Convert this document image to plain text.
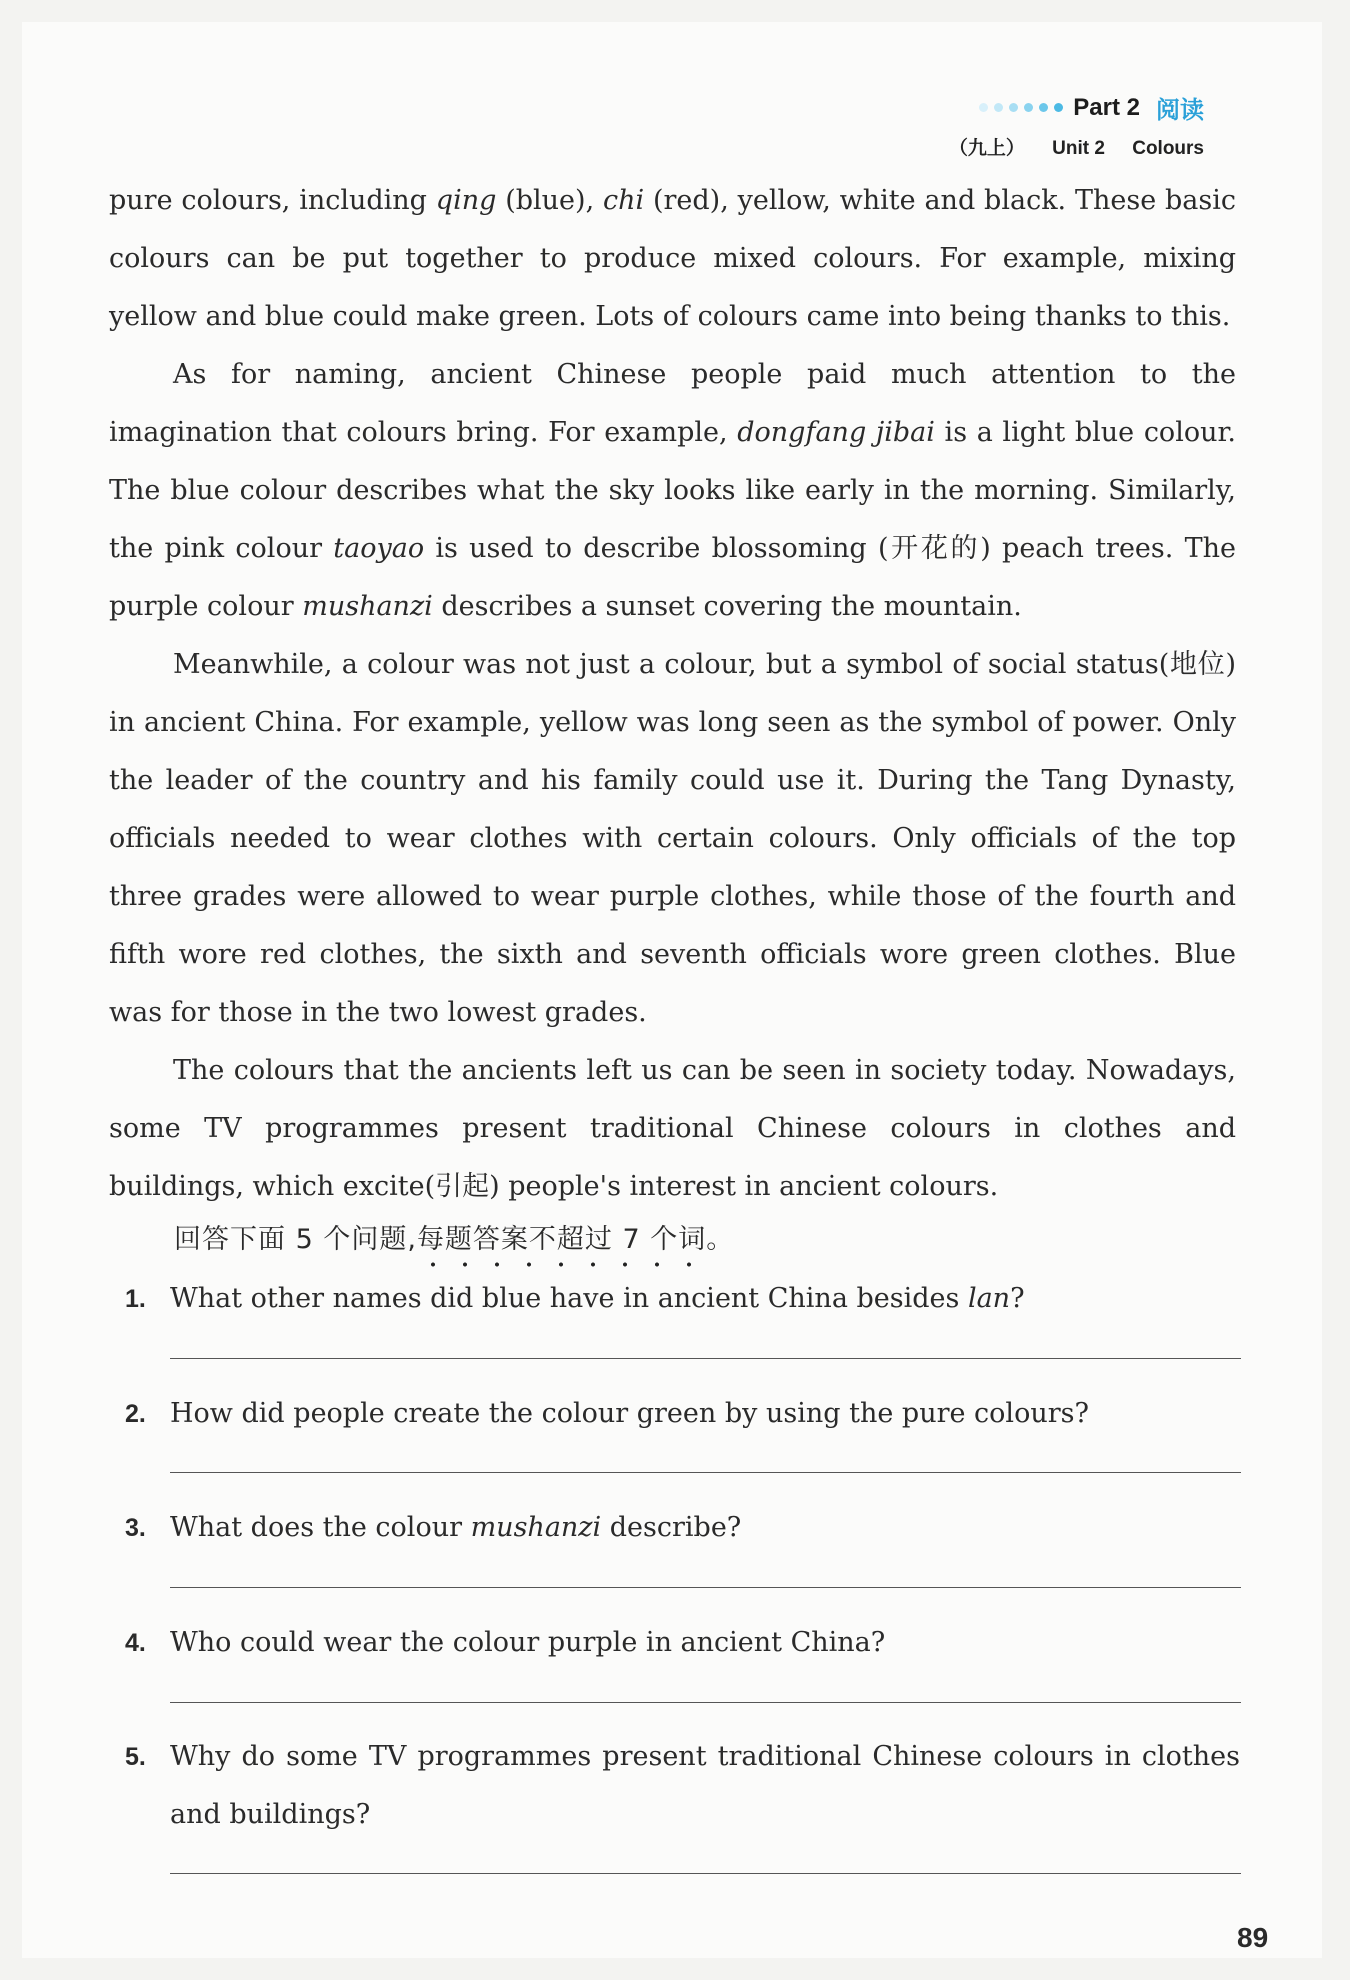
Part 2 阅读
（九上） Unit 2 Colours

pure colours, including qing (blue), chi (red), yellow, white and black. These basic colours can be put together to produce mixed colours. For example, mixing yellow and blue could make green. Lots of colours came into being thanks to this.

As for naming, ancient Chinese people paid much attention to the imagination that colours bring. For example, dongfang jibai is a light blue colour. The blue colour describes what the sky looks like early in the morning. Similarly, the pink colour taoyao is used to describe blossoming (开花的) peach trees. The purple colour mushanzi describes a sunset covering the mountain.

Meanwhile, a colour was not just a colour, but a symbol of social status(地位) in ancient China. For example, yellow was long seen as the symbol of power. Only the leader of the country and his family could use it. During the Tang Dynasty, officials needed to wear clothes with certain colours. Only officials of the top three grades were allowed to wear purple clothes, while those of the fourth and fifth wore red clothes, the sixth and seventh officials wore green clothes. Blue was for those in the two lowest grades.

The colours that the ancients left us can be seen in society today. Nowadays, some TV programmes present traditional Chinese colours in clothes and buildings, which excite(引起) people's interest in ancient colours.

回答下面 5 个问题,每题答案不超过 7 个词。
1. What other names did blue have in ancient China besides lan?
2. How did people create the colour green by using the pure colours?
3. What does the colour mushanzi describe?
4. Who could wear the colour purple in ancient China?
5. Why do some TV programmes present traditional Chinese colours in clothes and buildings?
89
